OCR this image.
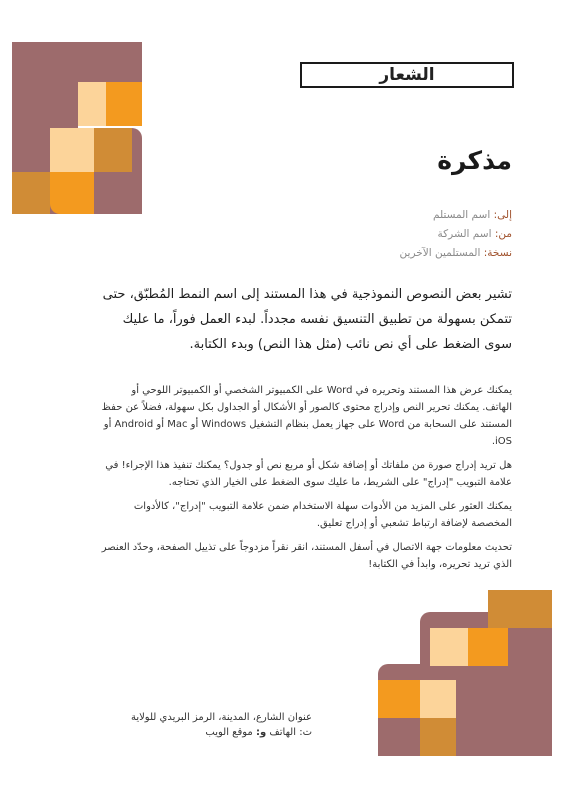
الشعار
مذكرة
إلى: اسم المستلم
من: اسم الشركة
نسخة: المستلمين الآخرين
تشير بعض النصوص النموذجية في هذا المستند إلى اسم النمط المُطبّق، حتى تتمكن بسهولة من تطبيق التنسيق نفسه مجدداً. لبدء العمل فوراً، ما عليك سوى الضغط على أي نص نائب (مثل هذا النص) وبدء الكتابة.

يمكنك عرض هذا المستند وتحريره في Word على الكمبيوتر الشخصي أو الكمبيوتر اللوحي أو الهاتف. يمكنك تحرير النص وإدراج محتوى كالصور أو الأشكال أو الجداول بكل سهولة، فضلاً عن حفظ المستند على السحابة من Word على جهاز يعمل بنظام التشغيل Windows أو Mac أو Android أو iOS.

هل تريد إدراج صورة من ملفاتك أو إضافة شكل أو مربع نص أو جدول؟ يمكنك تنفيذ هذا الإجراء! في علامة التبويب "إدراج" على الشريط، ما عليك سوى الضغط على الخيار الذي تحتاجه.

يمكنك العثور على المزيد من الأدوات سهلة الاستخدام ضمن علامة التبويب "إدراج"، كالأدوات المخصصة لإضافة ارتباط تشعبي أو إدراج تعليق.

تحديث معلومات جهة الاتصال في أسفل المستند، انقر نقراً مزدوجاً على تذييل الصفحة، وحدّد العنصر الذي تريد تحريره، وابدأ في الكتابة!

عنوان الشارع، المدينة، الرمز البريدي للولاية
ت: الهاتف و: موقع الويب
